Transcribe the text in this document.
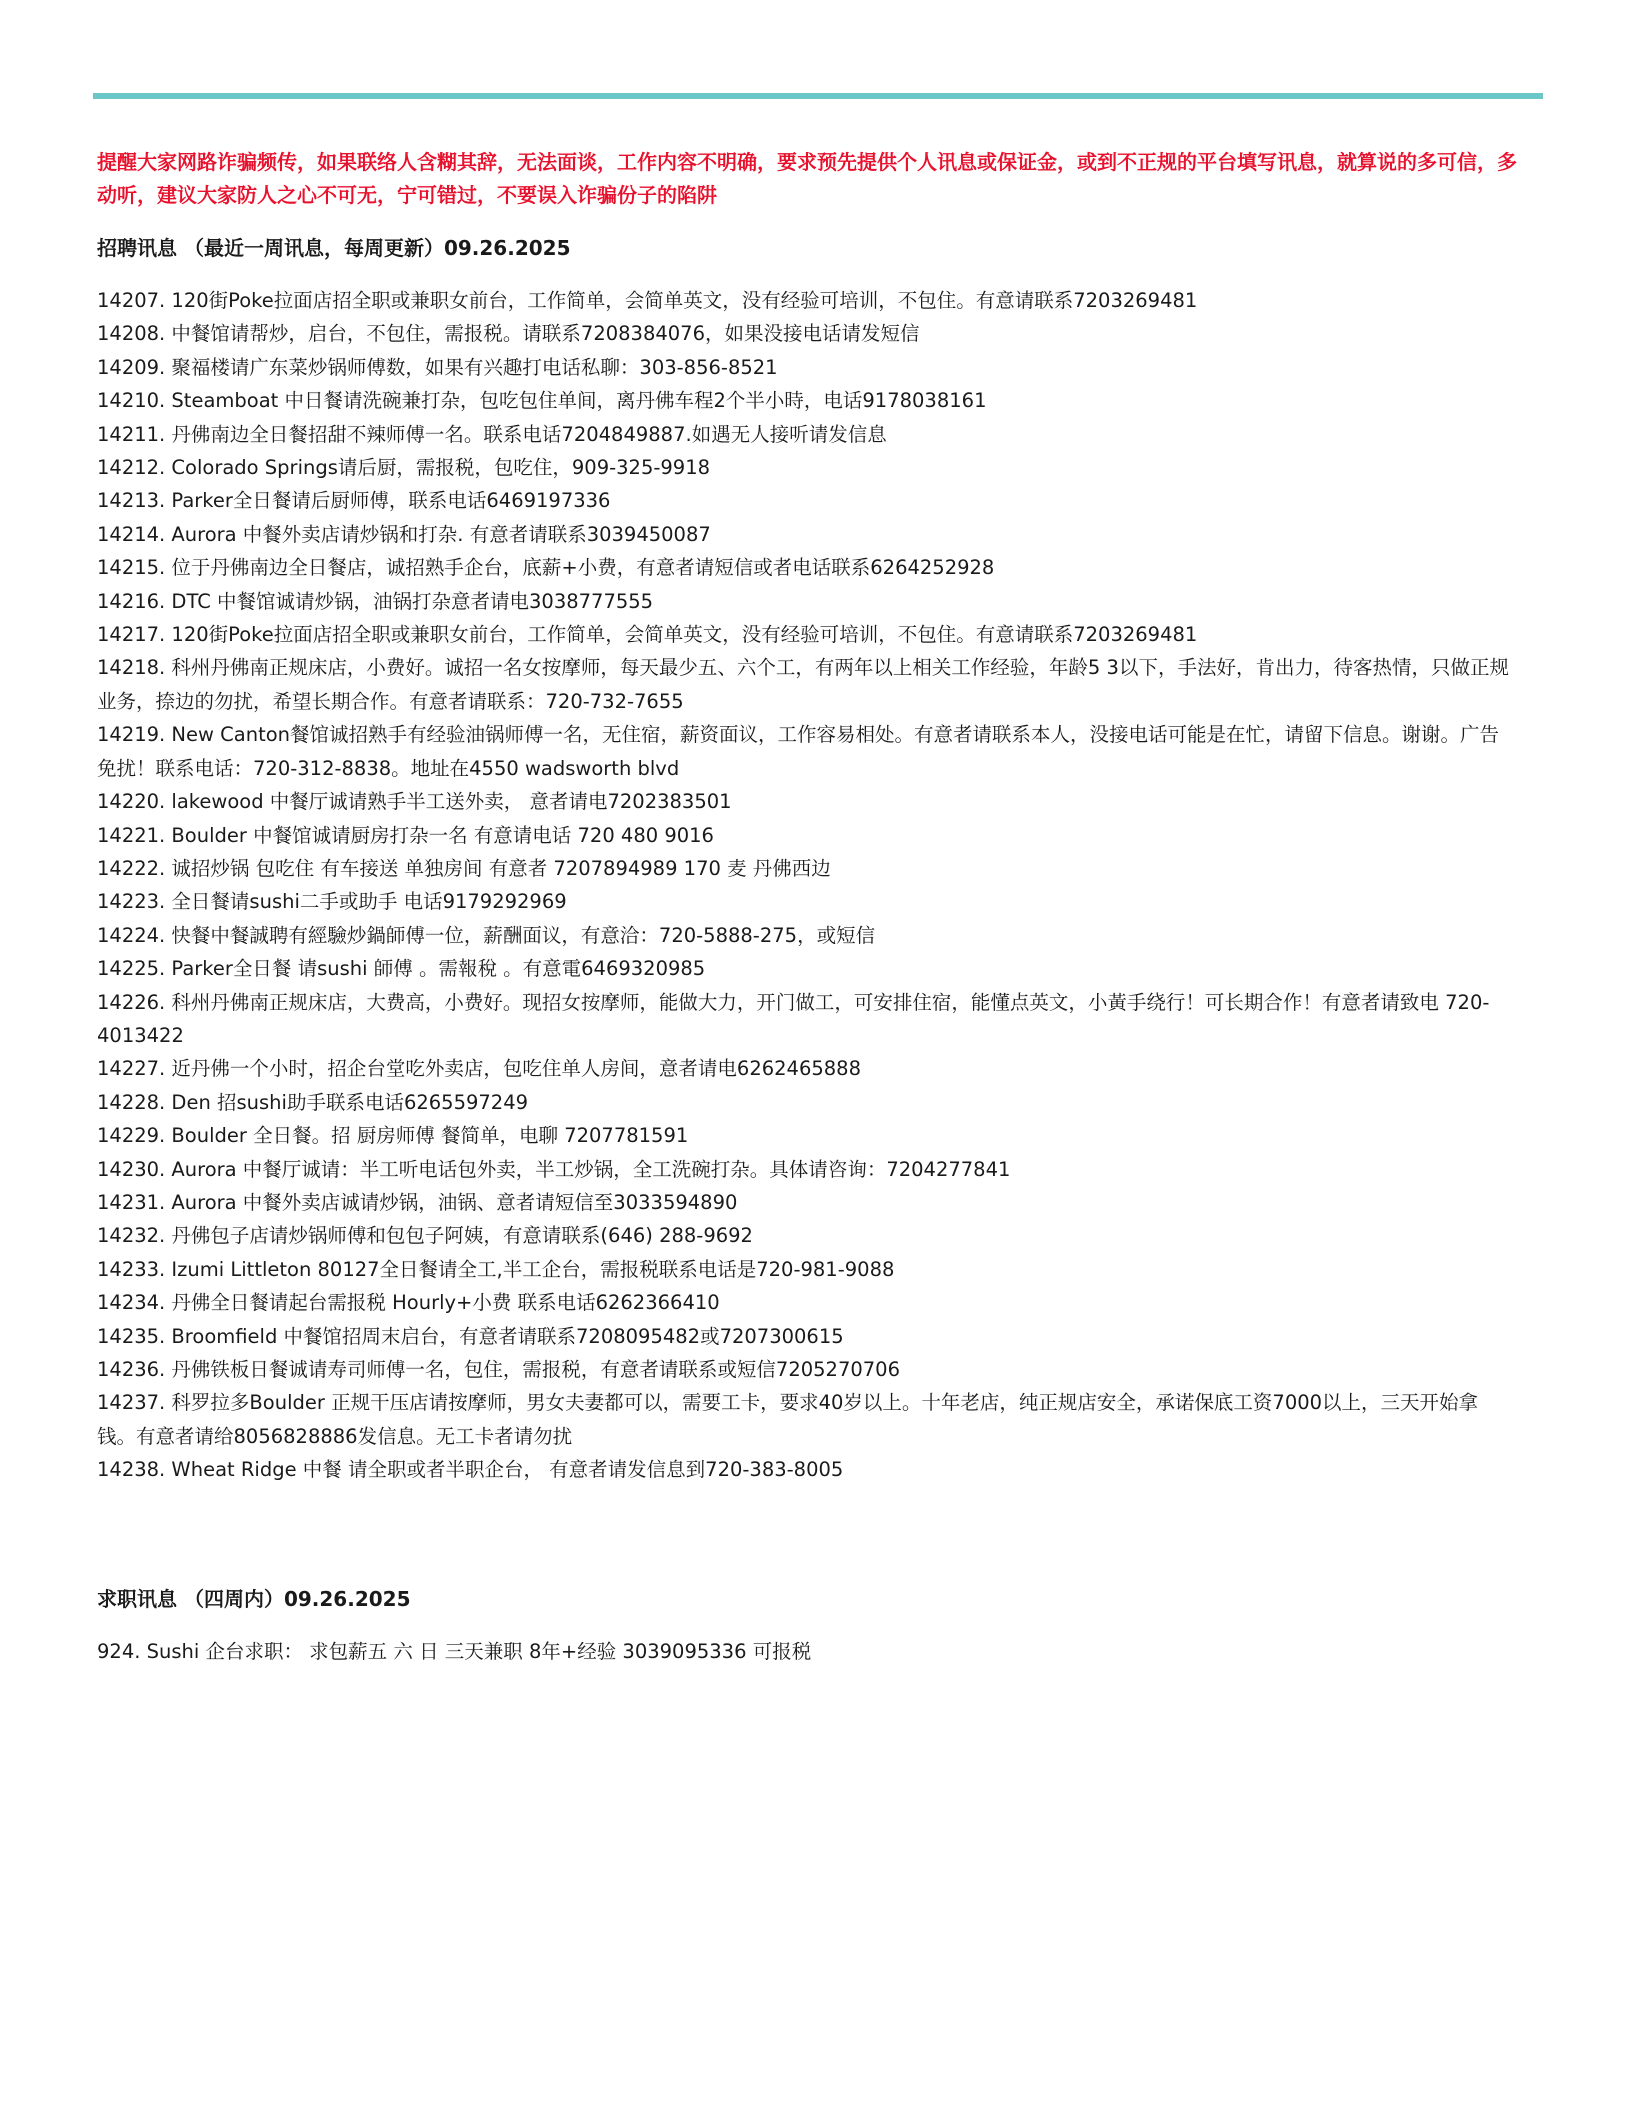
提醒大家网路诈骗频传，如果联络人含糊其辞，无法面谈，工作内容不明确，要求预先提供个人讯息或保证金，或到不正规的平台填写讯息，就算说的多可信，多动听，建议大家防人之心不可无，宁可错过，不要误入诈骗份子的陷阱

招聘讯息 （最近一周讯息，每周更新）09.26.2025

14207. 120街Poke拉面店招全职或兼职女前台，工作简单，会简单英文，没有经验可培训，不包住。有意请联系7203269481
14208. 中餐馆请帮炒，启台，不包住，需报税。请联系7208384076，如果没接电话请发短信
14209. 聚福楼请广东菜炒锅师傅数，如果有兴趣打电话私聊：303-856-8521
14210. Steamboat 中日餐请洗碗兼打杂，包吃包住单间，离丹佛车程2个半小時，电话9178038161
14211. 丹佛南边全日餐招甜不辣师傅一名。联系电话7204849887.如遇无人接听请发信息
14212. Colorado Springs请后厨，需报税，包吃住，909-325-9918
14213. Parker全日餐请后厨师傅，联系电话6469197336
14214. Aurora 中餐外卖店请炒锅和打杂. 有意者请联系3039450087
14215. 位于丹佛南边全日餐店，诚招熟手企台，底薪+小费，有意者请短信或者电话联系6264252928
14216. DTC 中餐馆诚请炒锅，油锅打杂意者请电3038777555
14217. 120街Poke拉面店招全职或兼职女前台，工作简单，会简单英文，没有经验可培训，不包住。有意请联系7203269481
14218. 科州丹佛南正规床店，小费好。诚招一名女按摩师，每天最少五、六个工，有两年以上相关工作经验，年龄5 3以下，手法好，肯出力，待客热情，只做正规业务，捺边的勿扰，希望长期合作。有意者请联系：720-732-7655
14219. New Canton餐馆诚招熟手有经验油锅师傅一名，无住宿，薪资面议，工作容易相处。有意者请联系本人，没接电话可能是在忙，请留下信息。谢谢。广告免扰！联系电话：720-312-8838。地址在4550 wadsworth blvd
14220. lakewood 中餐厅诚请熟手半工送外卖， 意者请电7202383501
14221. Boulder 中餐馆诚请厨房打杂一名 有意请电话 720 480 9016
14222. 诚招炒锅 包吃住 有车接送 单独房间 有意者 7207894989 170 麦 丹佛西边
14223. 全日餐请sushi二手或助手 电话9179292969
14224. 快餐中餐誠聘有經驗炒鍋師傅一位，薪酬面议，有意洽：720-5888-275，或短信
14225. Parker全日餐 请sushi 師傅 。需報稅 。有意電6469320985
14226. 科州丹佛南正规床店，大费高，小费好。现招女按摩师，能做大力，开门做工，可安排住宿，能懂点英文，小黃手绕行！可长期合作！有意者请致电 720-4013422
14227. 近丹佛一个小时，招企台堂吃外卖店，包吃住单人房间，意者请电6262465888
14228. Den 招sushi助手联系电话6265597249
14229. Boulder 全日餐。招 厨房师傅 餐简单，电聊 7207781591
14230. Aurora 中餐厅诚请：半工听电话包外卖，半工炒锅，全工洗碗打杂。具体请咨询：7204277841
14231. Aurora 中餐外卖店诚请炒锅，油锅、意者请短信至3033594890
14232. 丹佛包子店请炒锅师傅和包包子阿姨，有意请联系(646) 288-9692
14233. Izumi Littleton 80127全日餐请全工,半工企台，需报税联系电话是720-981-9088
14234. 丹佛全日餐请起台需报税 Hourly+小费 联系电话6262366410
14235. Broomfield 中餐馆招周末启台，有意者请联系7208095482或7207300615
14236. 丹佛铁板日餐诚请寿司师傅一名，包住，需报税，有意者请联系或短信7205270706
14237. 科罗拉多Boulder 正规干压店请按摩师，男女夫妻都可以，需要工卡，要求40岁以上。十年老店，纯正规店安全，承诺保底工资7000以上，三天开始拿钱。有意者请给8056828886发信息。无工卡者请勿扰
14238. Wheat Ridge 中餐 请全职或者半职企台， 有意者请发信息到720-383-8005

求职讯息 （四周内）09.26.2025

924. Sushi 企台求职： 求包薪五 六 日 三天兼职 8年+经验 3039095336 可报税
